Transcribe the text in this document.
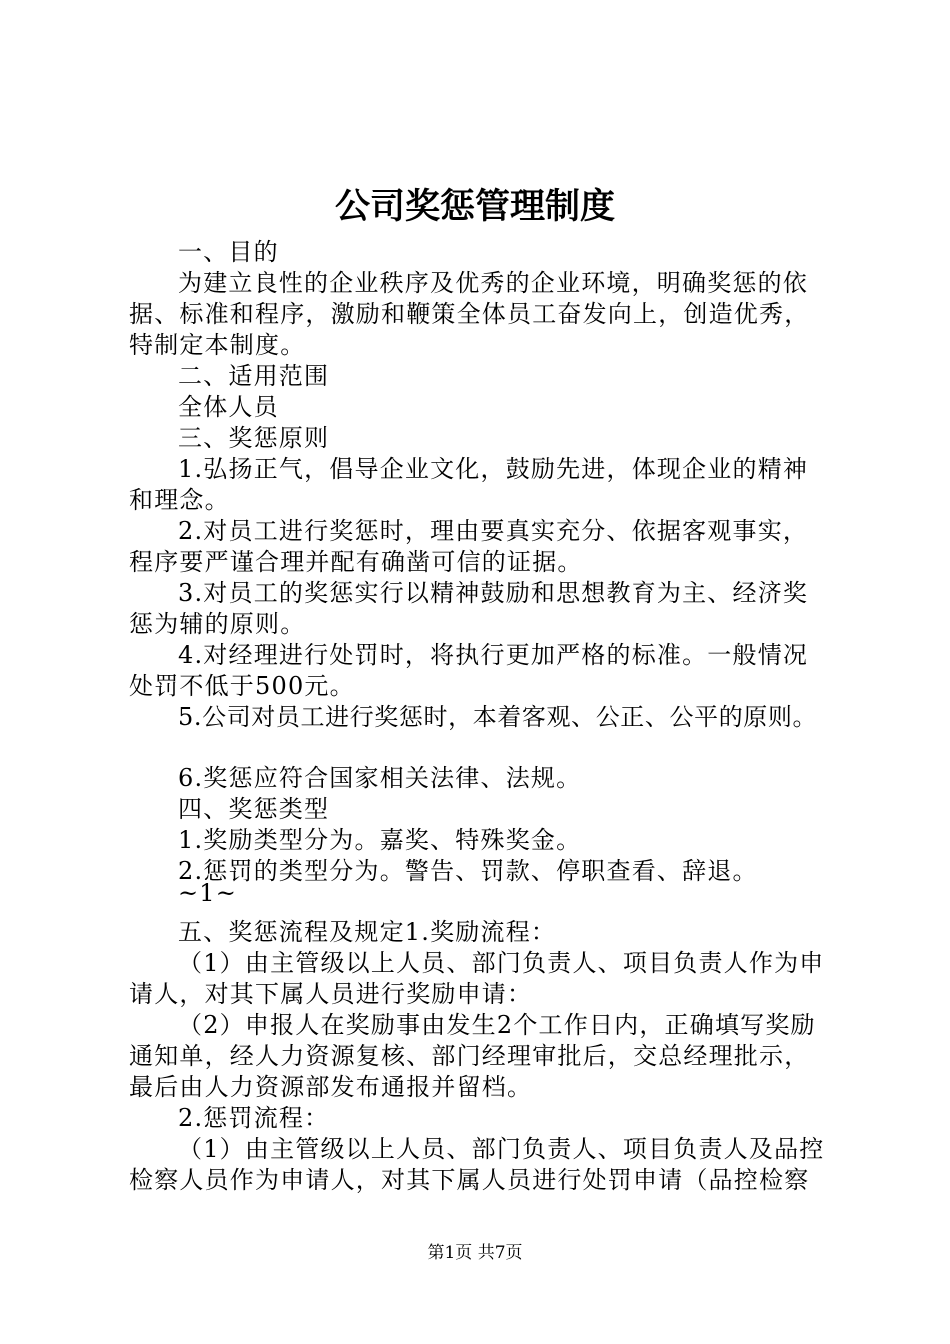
公司奖惩管理制度

一、目的

为建立良性的企业秩序及优秀的企业环境，明确奖惩的依

据、标准和程序，激励和鞭策全体员工奋发向上，创造优秀，

特制定本制度。

二、适用范围

全体人员

三、奖惩原则

1.弘扬正气，倡导企业文化，鼓励先进，体现企业的精神

和理念。

2.对员工进行奖惩时，理由要真实充分、依据客观事实，

程序要严谨合理并配有确凿可信的证据。

3.对员工的奖惩实行以精神鼓励和思想教育为主、经济奖

惩为辅的原则。

4.对经理进行处罚时，将执行更加严格的标准。一般情况

处罚不低于500元。

5.公司对员工进行奖惩时，本着客观、公正、公平的原则。

6.奖惩应符合国家相关法律、法规。

四、奖惩类型

1.奖励类型分为。嘉奖、特殊奖金。

2.惩罚的类型分为。警告、罚款、停职查看、辞退。

~1~

五、奖惩流程及规定1.奖励流程：

（1）由主管级以上人员、部门负责人、项目负责人作为申

请人，对其下属人员进行奖励申请：

（2）申报人在奖励事由发生2个工作日内，正确填写奖励

通知单，经人力资源复核、部门经理审批后，交总经理批示，

最后由人力资源部发布通报并留档。

2.惩罚流程：

（1）由主管级以上人员、部门负责人、项目负责人及品控

检察人员作为申请人，对其下属人员进行处罚申请（品控检察

第1页 共7页
